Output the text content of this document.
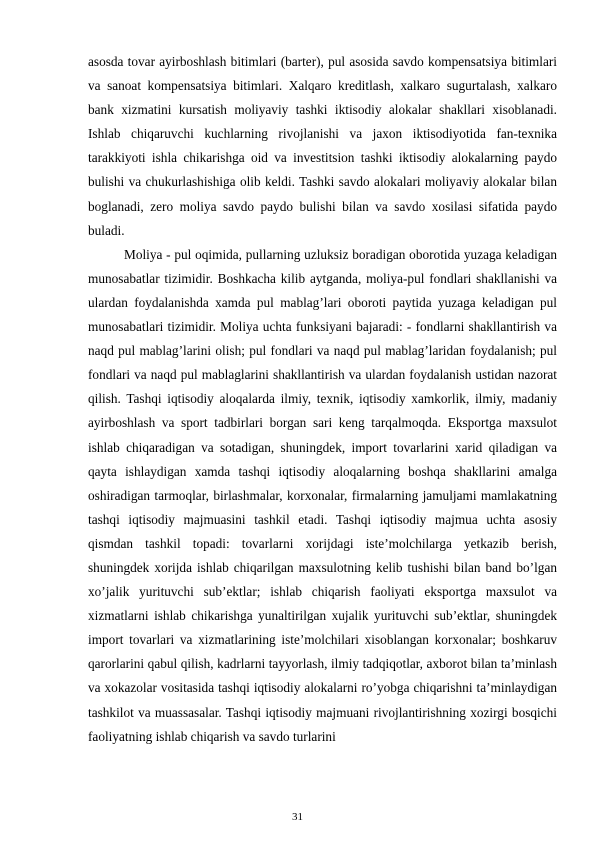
asosda tovar ayirboshlash bitimlari (barter), pul asosida savdo kompensatsiya bitimlari va sanoat kompensatsiya bitimlari. Xalqaro kreditlash, xalkaro sugurtalash, xalkaro bank xizmatini kursatish moliyaviy tashki iktisodiy alokalar shakllari xisoblanadi. Ishlab chiqaruvchi kuchlarning rivojlanishi va jaxon iktisodiyotida fan-texnika tarakkiyoti ishla chikarishga oid va investitsion tashki iktisodiy alokalarning paydo bulishi va chukurlashishiga olib keldi. Tashki savdo alokalari moliyaviy alokalar bilan boglanadi, zero moliya savdo paydo bulishi bilan va savdo xosilasi sifatida paydo buladi.

Moliya - pul oqimida, pullarning uzluksiz boradigan oborotida yuzaga keladigan munosabatlar tizimidir. Boshkacha kilib aytganda, moliya-pul fondlari shakllanishi va ulardan foydalanishda xamda pul mablag’lari oboroti paytida yuzaga keladigan pul munosabatlari tizimidir. Moliya uchta funksiyani bajaradi: - fondlarni shakllantirish va naqd pul mablag’larini olish; pul fondlari va naqd pul mablag’laridan foydalanish; pul fondlari va naqd pul mablaglarini shakllantirish va ulardan foydalanish ustidan nazorat qilish. Tashqi iqtisodiy aloqalarda ilmiy, texnik, iqtisodiy xamkorlik, ilmiy, madaniy ayirboshlash va sport tadbirlari borgan sari keng tarqalmoqda. Eksportga maxsulot ishlab chiqaradigan va sotadigan, shuningdek, import tovarlarini xarid qiladigan va qayta ishlaydigan xamda tashqi iqtisodiy aloqalarning boshqa shakllarini amalga oshiradigan tarmoqlar, birlashmalar, korxonalar, firmalarning jamuljami mamlakatning tashqi iqtisodiy majmuasini tashkil etadi. Tashqi iqtisodiy majmua uchta asosiy qismdan tashkil topadi: tovarlarni xorijdagi iste’molchilarga yetkazib berish, shuningdek xorijda ishlab chiqarilgan maxsulotning kelib tushishi bilan band bo’lgan xo’jalik yurituvchi sub’ektlar; ishlab chiqarish faoliyati eksportga maxsulot va xizmatlarni ishlab chikarishga yunaltirilgan xujalik yurituvchi sub’ektlar, shuningdek import tovarlari va xizmatlarining iste’molchilari xisoblangan korxonalar; boshkaruv qarorlarini qabul qilish, kadrlarni tayyorlash, ilmiy tadqiqotlar, axborot bilan ta’minlash va xokazolar vositasida tashqi iqtisodiy alokalarni ro’yobga chiqarishni ta’minlaydigan tashkilot va muassasalar. Tashqi iqtisodiy majmuani rivojlantirishning xozirgi bosqichi faoliyatning ishlab chiqarish va savdo turlarini

31
